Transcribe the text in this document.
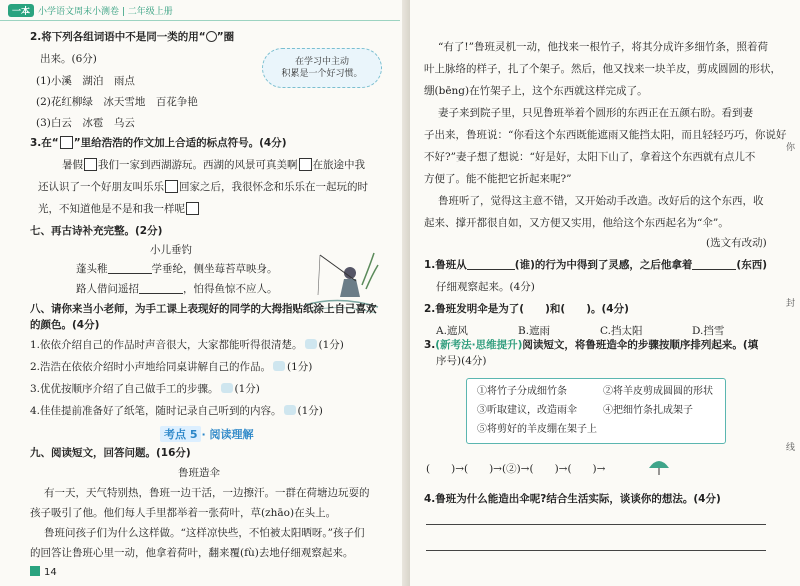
一本 小学语文周末小测卷 | 二年级上册
2.将下列各组词语中不是同一类的用“ ”圈
出来。(6分)
(1)小溪　湖泊　雨点
(2)花红柳绿　冰天雪地　百花争艳
(3)白云　冰雹　乌云
在学习中主动
积累是一个好习惯。
3.在“ ”里给浩浩的作文加上合适的标点符号。(4分)
暑假 我们一家到西湖游玩。西湖的风景可真美啊 在旅途中我
还认识了一个好朋友叫乐乐 回家之后，我很怀念和乐乐在一起玩的时
光，不知道他是不是和我一样呢
七、再古诗补充完整。(2分)
小儿垂钓
蓬头稚	学垂纶，侧坐莓苔草映身。
路人借问遥招	，怕得鱼惊不应人。
八、请你来当小老师，为手工课上表现好的同学的大拇指贴纸涂上自己喜欢
的颜色。(4分)
1.依依介绍自己的作品时声音很大，大家都能听得很清楚。 (1分)
2.浩浩在依依介绍时小声地给同桌讲解自己的作品。 (1分)
3.优优按顺序介绍了自己做手工的步骤。 (1分)
4.佳佳提前准备好了纸笔，随时记录自己听到的内容。 (1分)
考点 5 · 阅读理解
九、阅读短文，回答问题。(16分)
鲁班造伞
有一天，天气特别热，鲁班一边干活，一边擦汗。一群在荷塘边玩耍的
孩子吸引了他。他们每人手里都举着一张荷叶，草(zhāo)在头上。
鲁班问孩子们为什么这样做。“这样凉快些，不怕被太阳晒呀。”孩子们
的回答让鲁班心里一动，他拿着荷叶，翻来覆(fù)去地仔细观察起来。
14
“有了!”鲁班灵机一动，他找来一根竹子，将其分成许多细竹条，照着荷
叶上脉络的样子，扎了个架子。然后，他又找来一块羊皮，剪成圆圆的形状，
绷(bēng)在竹架子上，这个东西就这样完成了。
妻子来到院子里，只见鲁班举着个圆形的东西正在五颜右盼。看到妻
子出来，鲁班说：“你看这个东西既能遮雨又能挡太阳，而且轻轻巧巧，你说好
不好?”妻子想了想说：“好是好，太阳下山了，拿着这个东西就有点儿不
方便了。能不能把它折起来呢?”
鲁班听了，觉得这主意不错，又开始动手改造。改好后的这个东西，收
起来、撑开都很自如，又方便又实用，他给这个东西起名为“伞”。
(选文有改动)
1.鲁班从	(谁)的行为中得到了灵感，之后他拿着	(东西)
仔细观察起来。(4分)
2.鲁班发明伞是为了(　　)和(　　)。(4分)
A.遮风	B.遮雨	C.挡太阳	D.挡雪
3.(新考法·思维提升)阅读短文，将鲁班造伞的步骤按顺序排列起来。(填
序号)(4分)
①将竹子分成细竹条	②将羊皮剪成圆圆的形状
③听取建议，改造雨伞	④把细竹条扎成架子
⑤将剪好的羊皮绷在架子上
(　　)→(　　)→(②)→(　　)→(　　)→
4.鲁班为什么能造出伞呢?结合生活实际，谈谈你的想法。(4分)
你
封
线
